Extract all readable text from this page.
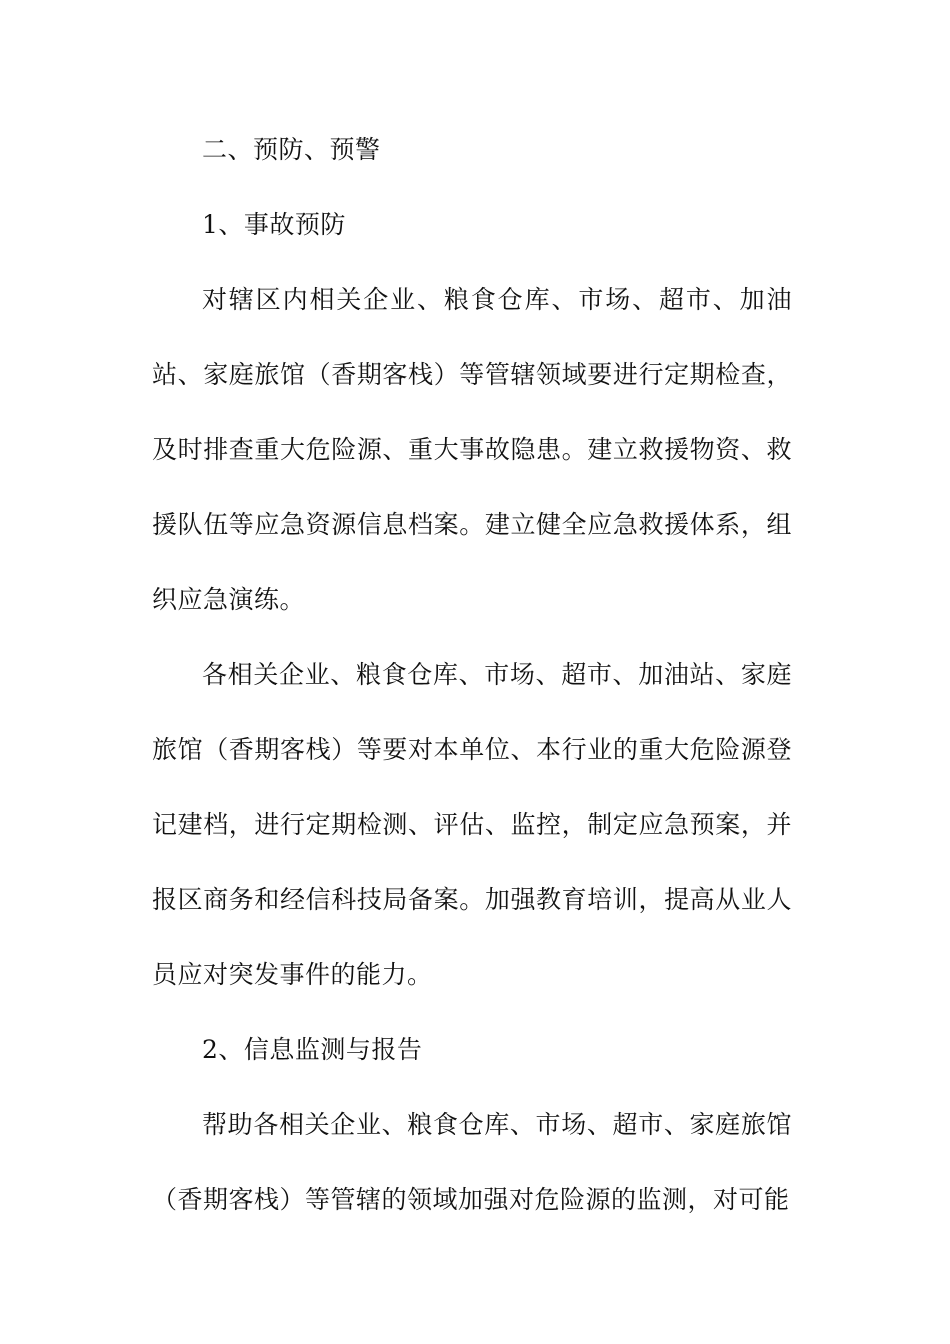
二、预防、预警

1、事故预防

对辖区内相关企业、粮食仓库、市场、超市、加油站、家庭旅馆（香期客栈）等管辖领域要进行定期检查，及时排查重大危险源、重大事故隐患。建立救援物资、救援队伍等应急资源信息档案。建立健全应急救援体系，组织应急演练。

各相关企业、粮食仓库、市场、超市、加油站、家庭旅馆（香期客栈）等要对本单位、本行业的重大危险源登记建档，进行定期检测、评估、监控，制定应急预案，并报区商务和经信科技局备案。加强教育培训，提高从业人员应对突发事件的能力。

2、信息监测与报告

帮助各相关企业、粮食仓库、市场、超市、家庭旅馆（香期客栈）等管辖的领域加强对危险源的监测，对可能
